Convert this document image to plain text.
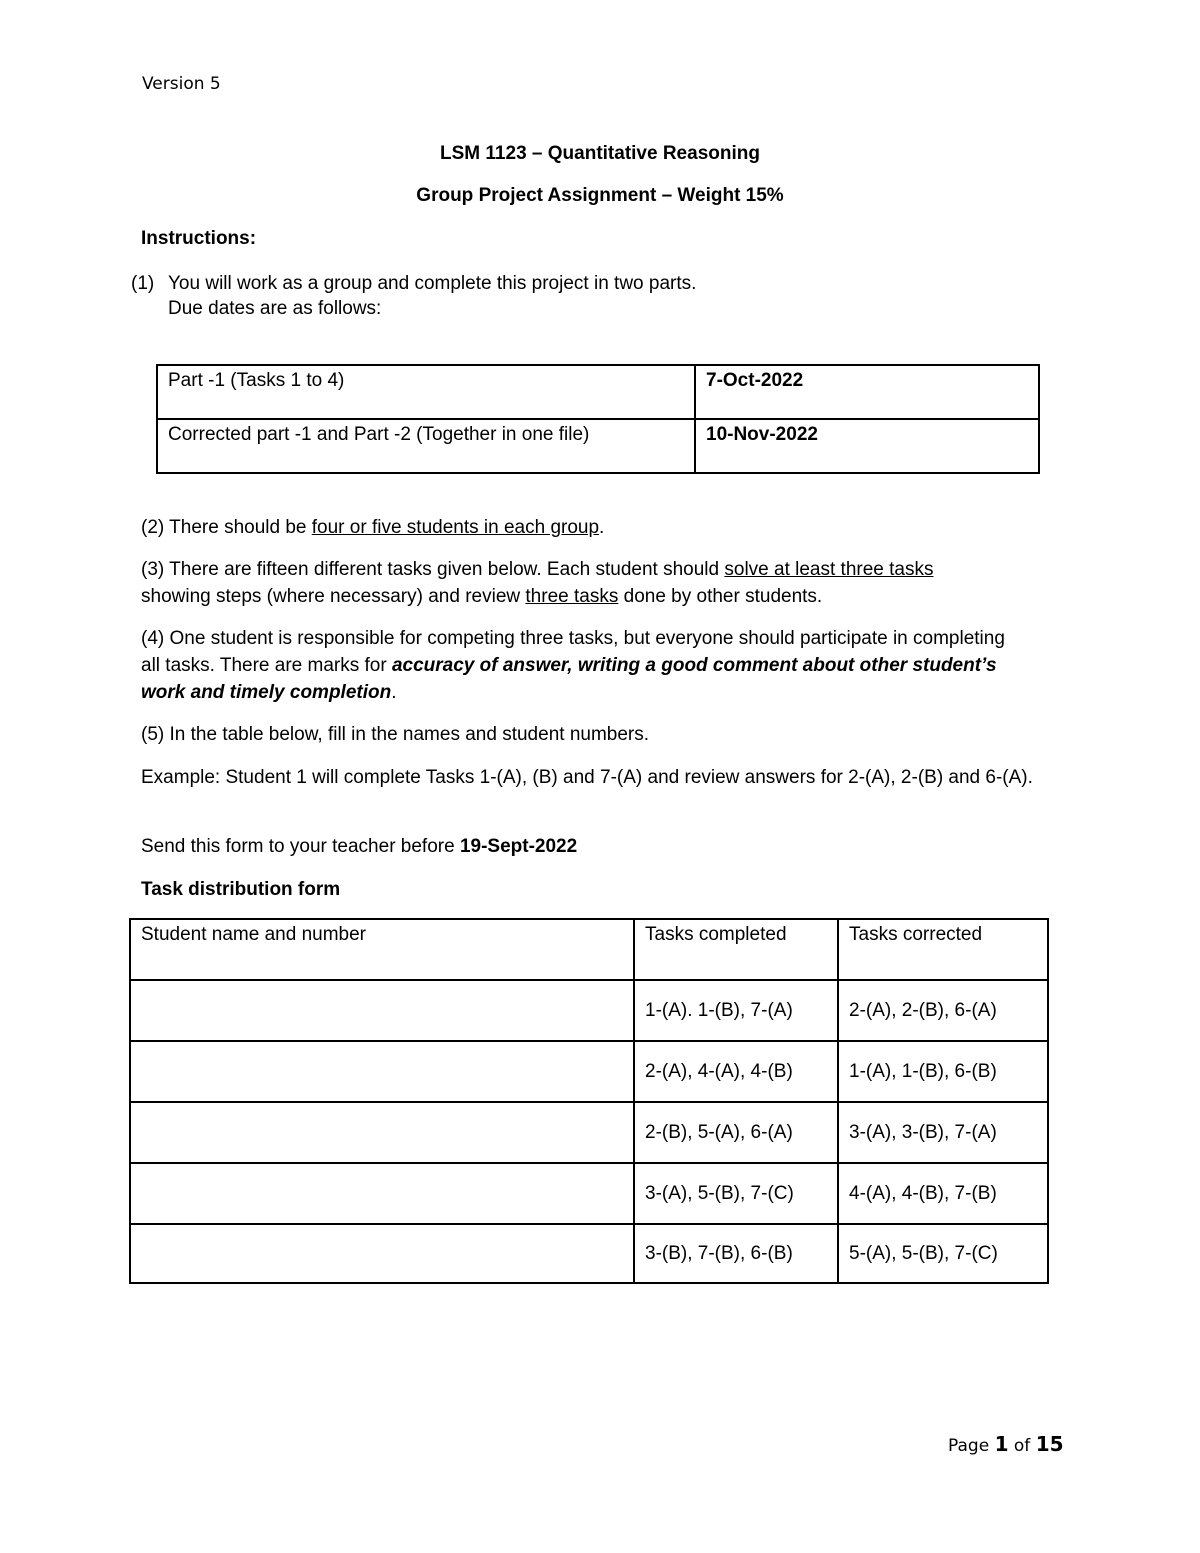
Version 5
LSM 1123 – Quantitative Reasoning
Group Project Assignment – Weight 15%
Instructions:
(1) You will work as a group and complete this project in two parts.
Due dates are as follows:
Part -1 (Tasks 1 to 4)	7-Oct-2022
Corrected part -1 and Part -2 (Together in one file)	10-Nov-2022
(2) There should be four or five students in each group.
(3) There are fifteen different tasks given below. Each student should solve at least three tasks
showing steps (where necessary) and review three tasks done by other students.
(4) One student is responsible for competing three tasks, but everyone should participate in completing all tasks. There are marks for accuracy of answer, writing a good comment about other student’s work and timely completion.
(5) In the table below, fill in the names and student numbers.
Example: Student 1 will complete Tasks 1-(A), (B) and 7-(A) and review answers for 2-(A), 2-(B) and 6-(A).
Send this form to your teacher before 19-Sept-2022
Task distribution form
Student name and number	Tasks completed	Tasks corrected
	1-(A). 1-(B), 7-(A)	2-(A), 2-(B), 6-(A)
	2-(A), 4-(A), 4-(B)	1-(A), 1-(B), 6-(B)
	2-(B), 5-(A), 6-(A)	3-(A), 3-(B), 7-(A)
	3-(A), 5-(B), 7-(C)	4-(A), 4-(B), 7-(B)
	3-(B), 7-(B), 6-(B)	5-(A), 5-(B), 7-(C)
Page 1 of 15
